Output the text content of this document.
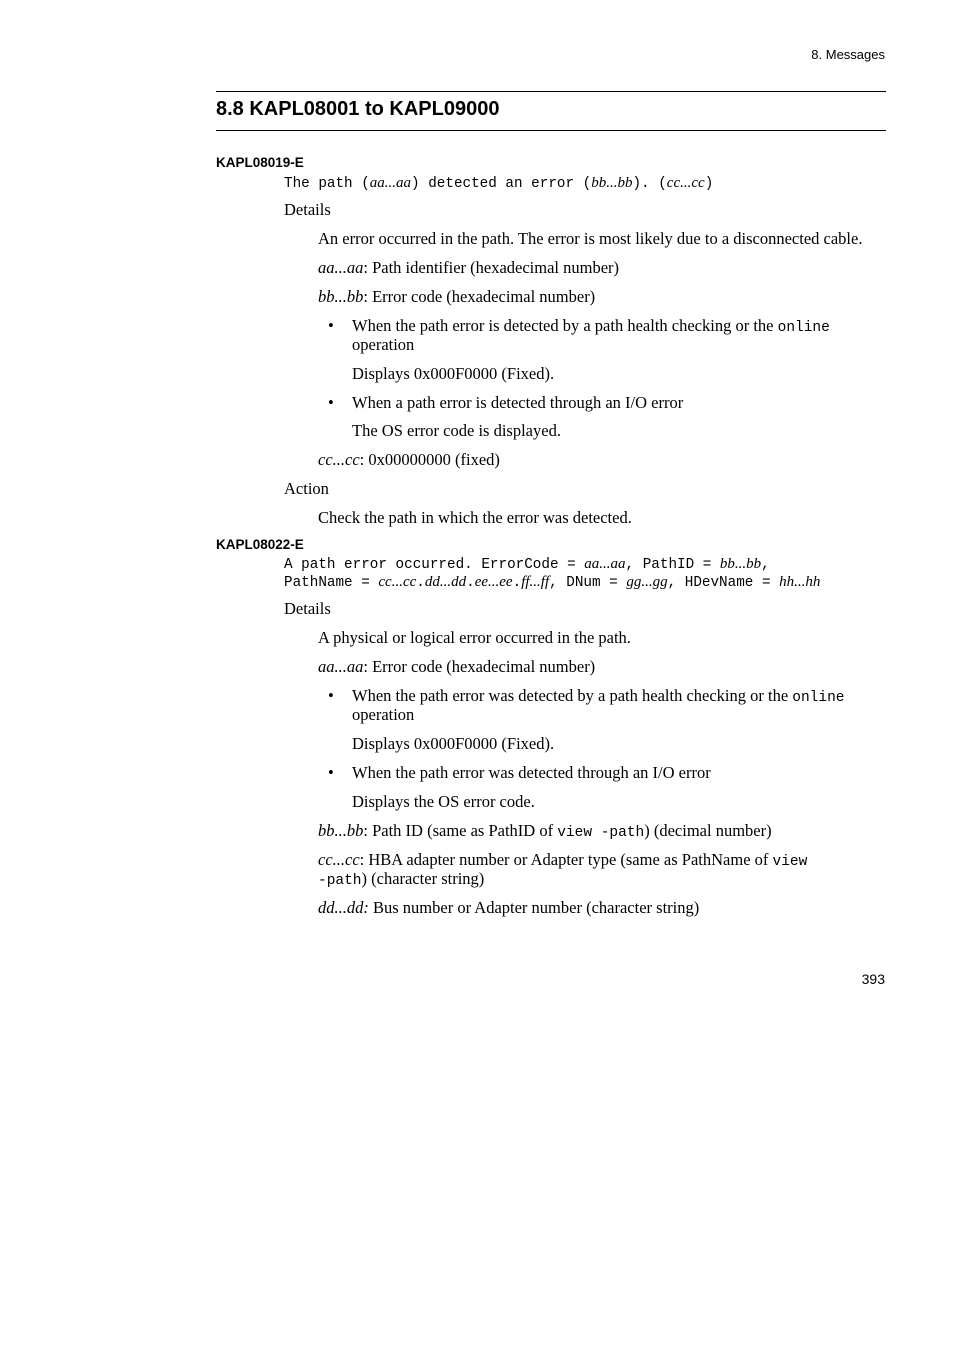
8. Messages
8.8 KAPL08001 to KAPL09000
KAPL08019-E
The path (aa...aa) detected an error (bb...bb). (cc...cc)
Details
An error occurred in the path. The error is most likely due to a disconnected cable.
aa...aa: Path identifier (hexadecimal number)
bb...bb: Error code (hexadecimal number)
• When the path error is detected by a path health checking or the online
operation
Displays 0x000F0000 (Fixed).
• When a path error is detected through an I/O error
The OS error code is displayed.
cc...cc: 0x00000000 (fixed)
Action
Check the path in which the error was detected.
KAPL08022-E
A path error occurred. ErrorCode = aa...aa, PathID = bb...bb,
PathName = cc...cc.dd...dd.ee...ee.ff...ff, DNum = gg...gg, HDevName = hh...hh
Details
A physical or logical error occurred in the path.
aa...aa: Error code (hexadecimal number)
• When the path error was detected by a path health checking or the online
operation
Displays 0x000F0000 (Fixed).
• When the path error was detected through an I/O error
Displays the OS error code.
bb...bb: Path ID (same as PathID of view -path) (decimal number)
cc...cc: HBA adapter number or Adapter type (same as PathName of view
-path) (character string)
dd...dd: Bus number or Adapter number (character string)
393
